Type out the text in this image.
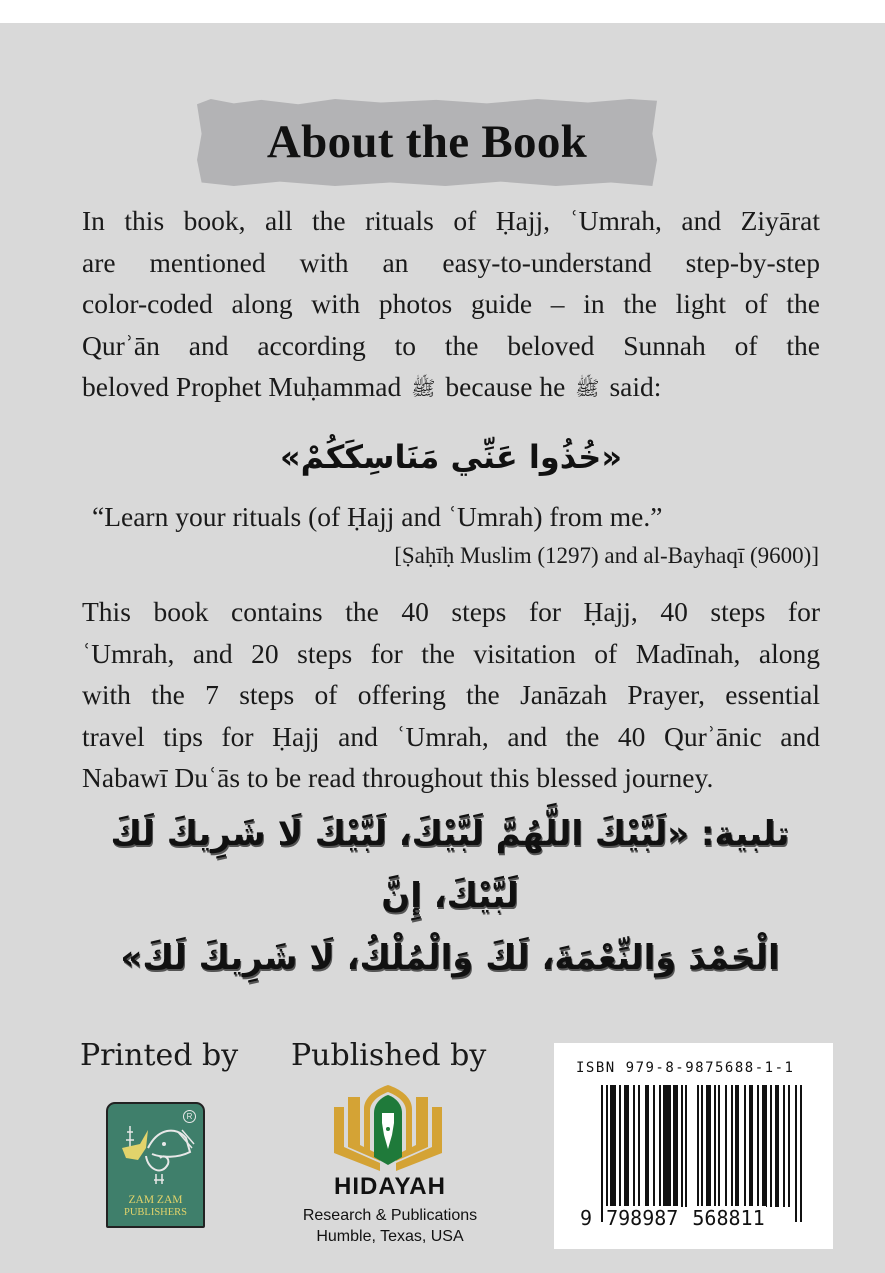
About the Book
In this book, all the rituals of Ḥajj, ʿUmrah, and Ziyārat
are mentioned with an easy-to-understand step-by-step
color-coded along with photos guide – in the light of the
Qurʾān and according to the beloved Sunnah of the
beloved Prophet Muḥammad ﷺ because he ﷺ said:
«خُذُوا عَنِّي مَنَاسِكَكُمْ»
“Learn your rituals (of Ḥajj and ʿUmrah) from me.”
[Ṣaḥīḥ Muslim (1297) and al-Bayhaqī (9600)]
This book contains the 40 steps for Ḥajj, 40 steps for
ʿUmrah, and 20 steps for the visitation of Madīnah, along
with the 7 steps of offering the Janāzah Prayer, essential
travel tips for Ḥajj and ʿUmrah, and the 40 Qurʾānic and
Nabawī Duʿās to be read throughout this blessed journey.
تلبية: «لَبَّيْكَ اللَّهُمَّ لَبَّيْكَ، لَبَّيْكَ لَا شَرِيكَ لَكَ لَبَّيْكَ، إِنَّ
الْحَمْدَ وَالنِّعْمَةَ، لَكَ وَالْمُلْكُ، لَا شَرِيكَ لَكَ»
Printed by Published by
R
ZAM ZAM
PUBLISHERS
HIDAYAH
Research & Publications
Humble, Texas, USA
ISBN 979-8-9875688-1-1
9 798987 568811
